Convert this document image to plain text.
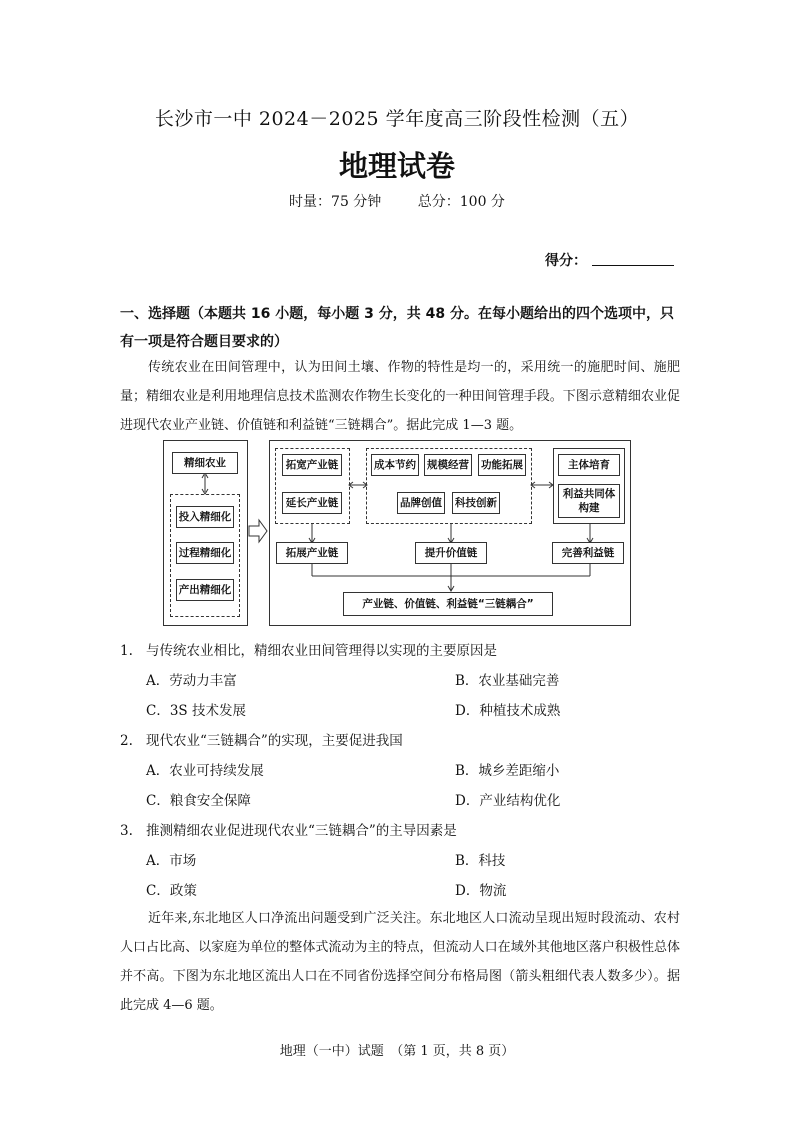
长沙市一中 2024－2025 学年度高三阶段性检测（五）
地理试卷
时量：75 分钟	总分：100 分
得分：
一、选择题（本题共 16 小题，每小题 3 分，共 48 分。在每小题给出的四个选项中，只有一项是符合题目要求的）
传统农业在田间管理中，认为田间土壤、作物的特性是均一的，采用统一的施肥时间、施肥量；精细农业是利用地理信息技术监测农作物生长变化的一种田间管理手段。下图示意精细农业促进现代农业产业链、价值链和利益链“三链耦合”。据此完成 1—3 题。
精细农业
投入精细化
过程精细化
产出精细化
拓宽产业链
延长产业链
成本节约 规模经营 功能拓展
品牌创值 科技创新
主体培育
利益共同体构建
拓展产业链	提升价值链	完善利益链
产业链、价值链、利益链“三链耦合”
1. 与传统农业相比，精细农业田间管理得以实现的主要原因是
A．劳动力丰富	B．农业基础完善
C．3S 技术发展	D．种植技术成熟
2. 现代农业“三链耦合”的实现，主要促进我国
A．农业可持续发展	B．城乡差距缩小
C．粮食安全保障	D．产业结构优化
3. 推测精细农业促进现代农业“三链耦合”的主导因素是
A．市场	B．科技
C．政策	D．物流
近年来,东北地区人口净流出问题受到广泛关注。东北地区人口流动呈现出短时段流动、农村人口占比高、以家庭为单位的整体式流动为主的特点，但流动人口在域外其他地区落户积极性总体并不高。下图为东北地区流出人口在不同省份选择空间分布格局图（箭头粗细代表人数多少）。据此完成 4—6 题。
地理（一中）试题　（第 1 页，共 8 页）
